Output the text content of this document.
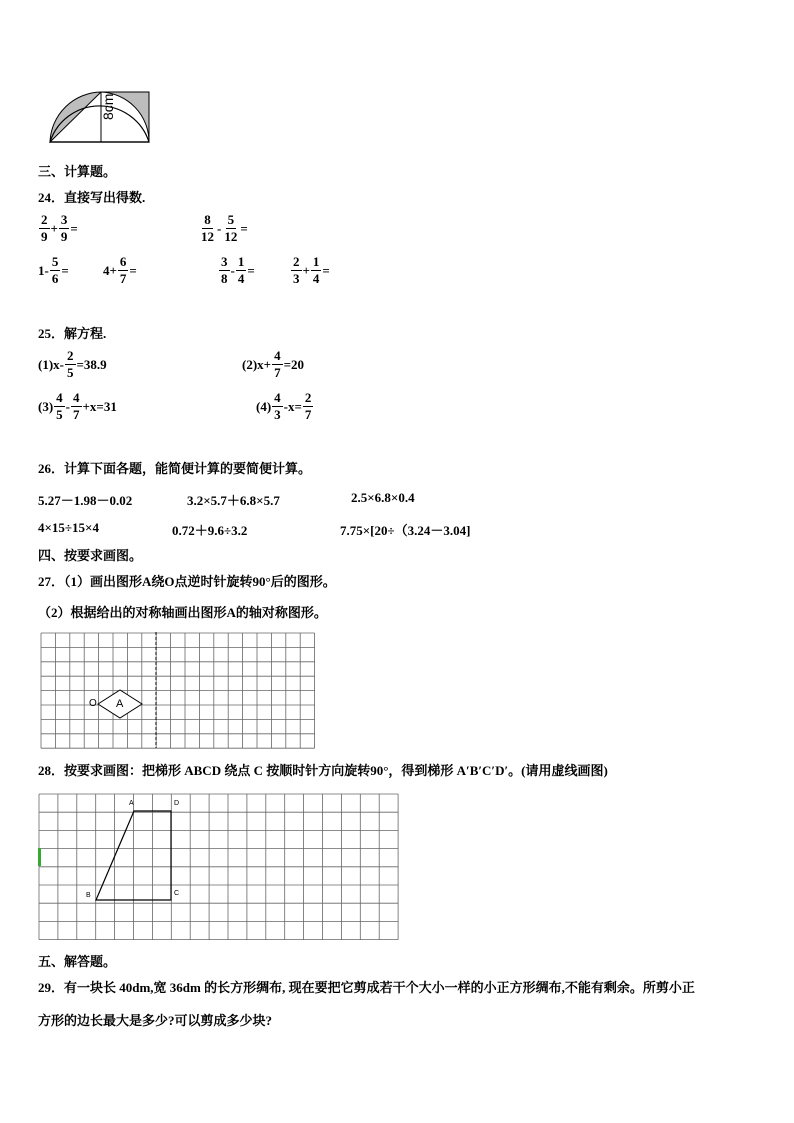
8cm
三、计算题。
24．直接写出得数.
$\frac{2}{9} + \frac{3}{9}$ =	$\frac{8}{12} - \frac{5}{12}$ =
$1- \frac{5}{6}$ =	$4+ \frac{6}{7}$ =	$\frac{3}{8} - \frac{1}{4}$ =	$\frac{2}{3} + \frac{1}{4}$ =
25．解方程.
$(1)x- \frac{2}{5} =38.9$	$(2)x+ \frac{4}{7} =20$
$(3) \frac{4}{5} - \frac{4}{7} +x=31$	$(4) \frac{4}{3} -x= \frac{2}{7}$
26．计算下面各题，能简便计算的要简便计算。
5.27－1.98－0.02	3.2×5.7＋6.8×5.7	2.5×6.8×0.4
4×15÷15×4	0.72＋9.6÷3.2	7.75×[20÷（3.24－3.04]
四、按要求画图。
27．（1）画出图形A绕O点逆时针旋转90°后的图形。
（2）根据给出的对称轴画出图形A的轴对称图形。
O A
28．按要求画图：把梯形 ABCD 绕点 C 按顺时针方向旋转90°，得到梯形 A′B′C′D′。(请用虚线画图)
A	D
B	C
五、解答题。
29．有一块长 40dm,宽 36dm 的长方形绸布, 现在要把它剪成若干个大小一样的小正方形绸布,不能有剩余。所剪小正
方形的边长最大是多少?可以剪成多少块?
